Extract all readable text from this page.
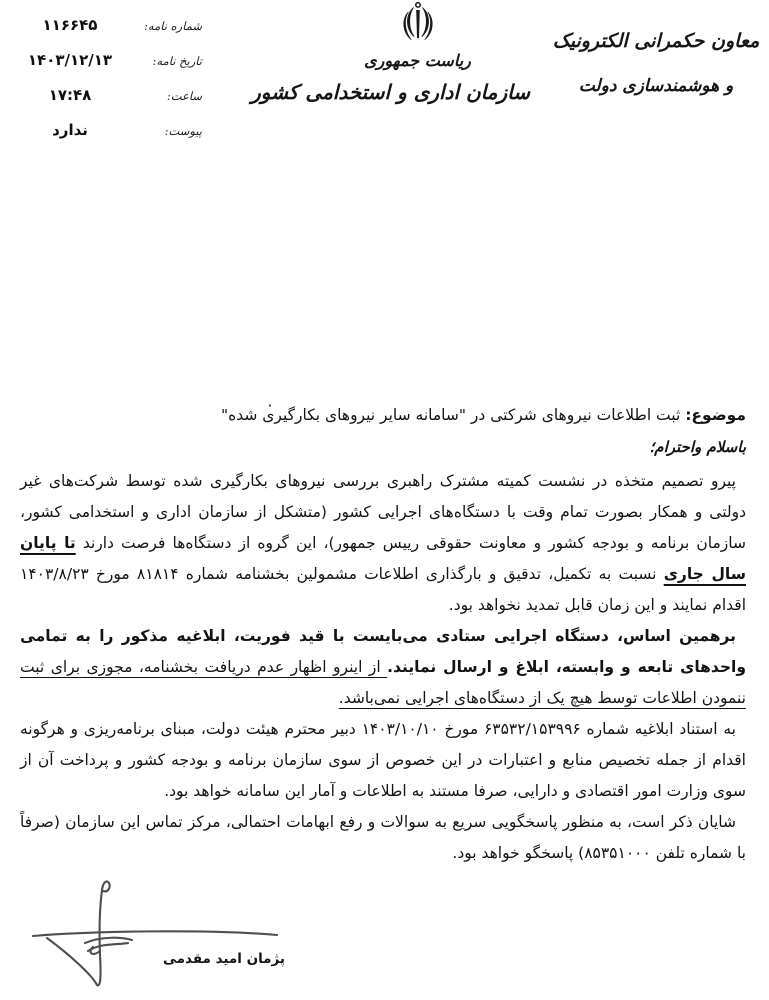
شماره نامه:
۱۱۶۶۴۵
تاریخ نامه:
۱۴۰۳/۱۲/۱۳
ساعت:
۱۷:۴۸
پیوست:
ندارد
ریاست جمهوری
سازمان اداری و استخدامی کشور
معاون حکمرانی الکترونیک
و هوشمندسازی دولت
موضوع: ثبت اطلاعات نیروهای شرکتی در "سامانه سایر نیروهای بکارگیری شده"
باسلام واحترام؛

پیرو تصمیم متخذه در نشست کمیته مشترک راهبری بررسی نیروهای بکارگیری شده توسط شرکت‌های غیر دولتی و همکار بصورت تمام وقت با دستگاه‌های اجرایی کشور (متشکل از سازمان اداری و استخدامی کشور، سازمان برنامه و بودجه کشور و معاونت حقوقی رییس جمهور)، این گروه از دستگاه‌ها فرصت دارند تا پایان سال جاری نسبت به تکمیل، تدقیق و بارگذاری اطلاعات مشمولین بخشنامه شماره ۸۱۸۱۴ مورخ ۱۴۰۳/۸/۲۳ اقدام نمایند و این زمان قابل تمدید نخواهد بود.

برهمین اساس، دستگاه اجرایی ستادی می‌بایست با قید فوریت، ابلاغیه مذکور را به تمامی واحدهای تابعه و وابسته، ابلاغ و ارسال نمایند. از اینرو اظهار عدم دریافت بخشنامه، مجوزی برای ثبت ننمودن اطلاعات توسط هیچ یک از دستگاه‌های اجرایی نمی‌باشد.

به استناد ابلاغیه شماره ۶۳۵۳۲/۱۵۳۹۹۶ مورخ ۱۴۰۳/۱۰/۱۰ دبیر محترم هیئت دولت، مبنای برنامه‌ریزی و هرگونه اقدام از جمله تخصیص منابع و اعتبارات در این خصوص از سوی سازمان برنامه و بودجه کشور و پرداخت آن از سوی وزارت امور اقتصادی و دارایی، صرفا مستند به اطلاعات و آمار این سامانه خواهد بود.

شایان ذکر است، به منظور پاسخگویی سریع به سوالات و رفع ابهامات احتمالی، مرکز تماس این سازمان (صرفاً با شماره تلفن ۸۵۳۵۱۰۰۰) پاسخگو خواهد بود.

پژمان امید مقدمی
